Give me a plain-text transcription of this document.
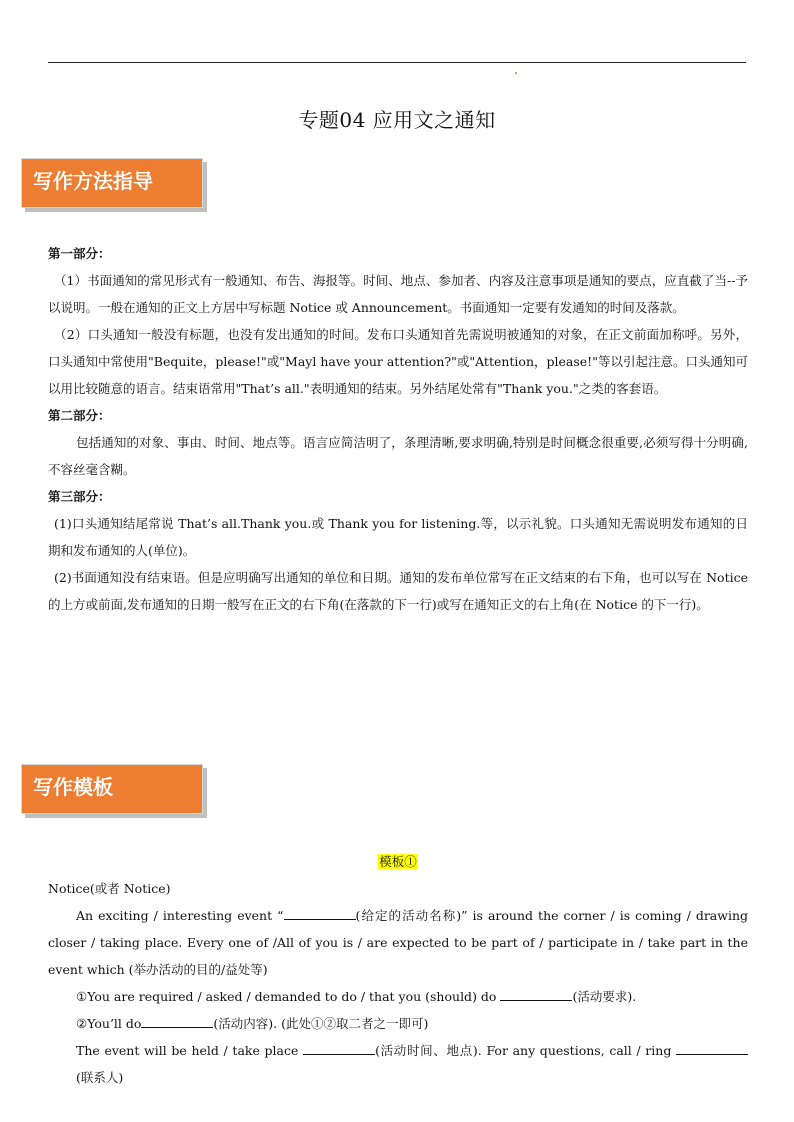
专题04 应用文之通知
写作方法指导

第一部分：

（1）书面通知的常见形式有一般通知、布告、海报等。时间、地点、参加者、内容及注意事项是通知的要点，应直截了当--予以说明。一般在通知的正文上方居中写标题 Notice 或 Announcement。书面通知一定要有发通知的时间及落款。

（2）口头通知一般没有标题，也没有发出通知的时间。发布口头通知首先需说明被通知的对象，在正文前面加称呼。另外，口头通知中常使用"Bequite，please!"或"Mayl have your attention?"或"Attention，please!"等以引起注意。口头通知可以用比较随意的语言。结束语常用"That’s all."表明通知的结束。另外结尾处常有"Thank you."之类的客套语。

第二部分：

包括通知的对象、事由、时间、地点等。语言应简洁明了，条理清晰,要求明确,特别是时间概念很重要,必须写得十分明确,不容丝毫含糊。

第三部分：

(1)口头通知结尾常说 That’s all.Thank you.或 Thank you for listening.等，以示礼貌。口头通知无需说明发布通知的日期和发布通知的人(单位)。

(2)书面通知没有结束语。但是应明确写出通知的单位和日期。通知的发布单位常写在正文结束的右下角，也可以写在 Notice 的上方或前面,发布通知的日期一般写在正文的右下角(在落款的下一行)或写在通知正文的右上角(在 Notice 的下一行)。

写作模板

模板①

Notice(或者 Notice)

An exciting / interesting event “	(给定的活动名称)” is around the corner / is coming / drawing closer / taking place. Every one of /All of you is / are expected to be part of / participate in / take part in the event which (举办活动的目的/益处等)

①You are required / asked / demanded to do / that you (should) do	(活动要求).

②You’ll do	(活动内容). (此处①②取二者之一即可)

The event will be held / take place	(活动时间、地点). For any questions, call / ring (联系人)
